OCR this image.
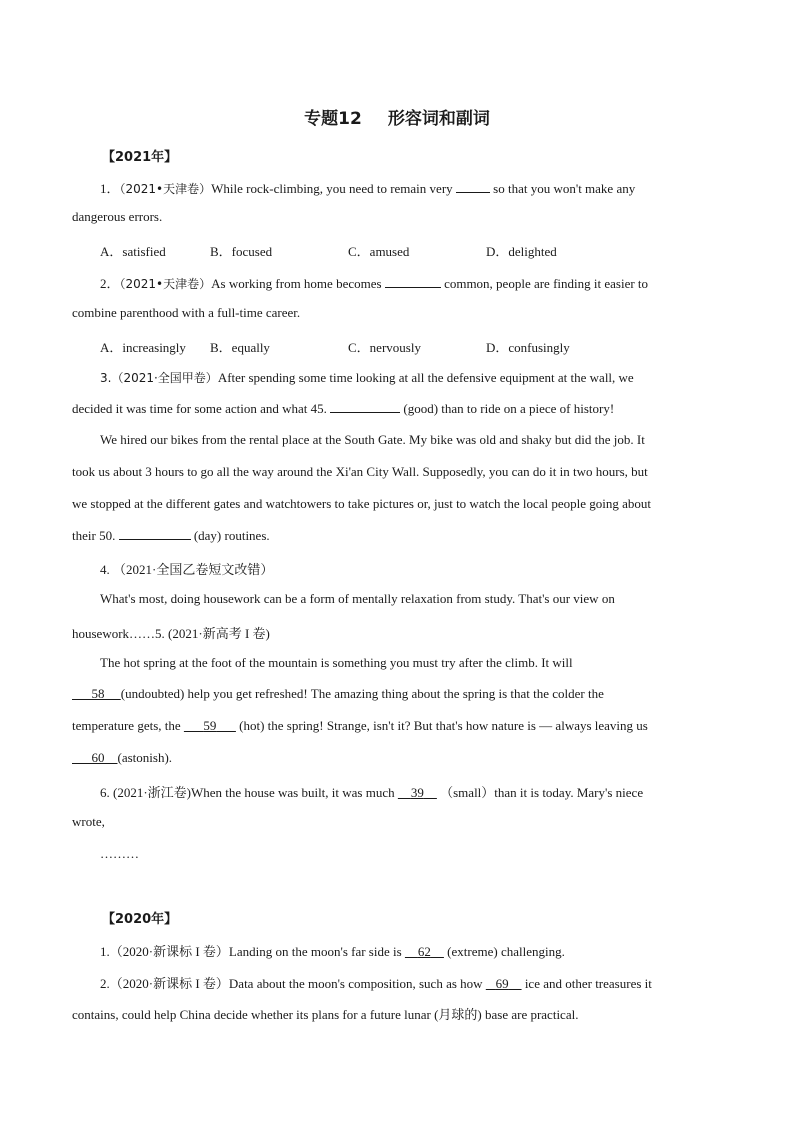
专题12 形容词和副词
【2021年】
1．（2021•天津卷）While rock-climbing, you need to remain very	so that you won't make any
dangerous errors.
A．satisfied	B．focused	C．amused	D．delighted
2．（2021•天津卷）As working from home becomes	common, people are finding it easier to
combine parenthood with a full-time career.
A．increasingly B．equally	C．nervously	D．confusingly
3.（2021·全国甲卷）After spending some time looking at all the defensive equipment at the wall, we
decided it was time for some action and what 45.	(good) than to ride on a piece of history!
We hired our bikes from the rental place at the South Gate. My bike was old and shaky but did the job. It
took us about 3 hours to go all the way around the Xi'an City Wall. Supposedly, you can do it in two hours, but
we stopped at the different gates and watchtowers to take pictures or, just to watch the local people going about
their 50.	(day) routines.
4. （2021·全国乙卷短文改错）
What's most, doing housework can be a form of mentally relaxation from study. That's our view on
housework……5. (2021·新高考 I 卷)
The hot spring at the foot of the mountain is something you must try after the climb. It will
58 (undoubted) help you get refreshed! The amazing thing about the spring is that the colder the
temperature gets, the 59 (hot) the spring! Strange, isn't it? But that's how nature is — always leaving us
60 (astonish).
6. (2021·浙江卷)When the house was built, it was much 39 （small）than it is today. Mary's niece
wrote,
………
【2020年】
1.（2020·新课标 I 卷）Landing on the moon's far side is 62 (extreme) challenging.
2.（2020·新课标 I 卷）Data about the moon's composition, such as how 69 ice and other treasures it
contains, could help China decide whether its plans for a future lunar (月球的) base are practical.
